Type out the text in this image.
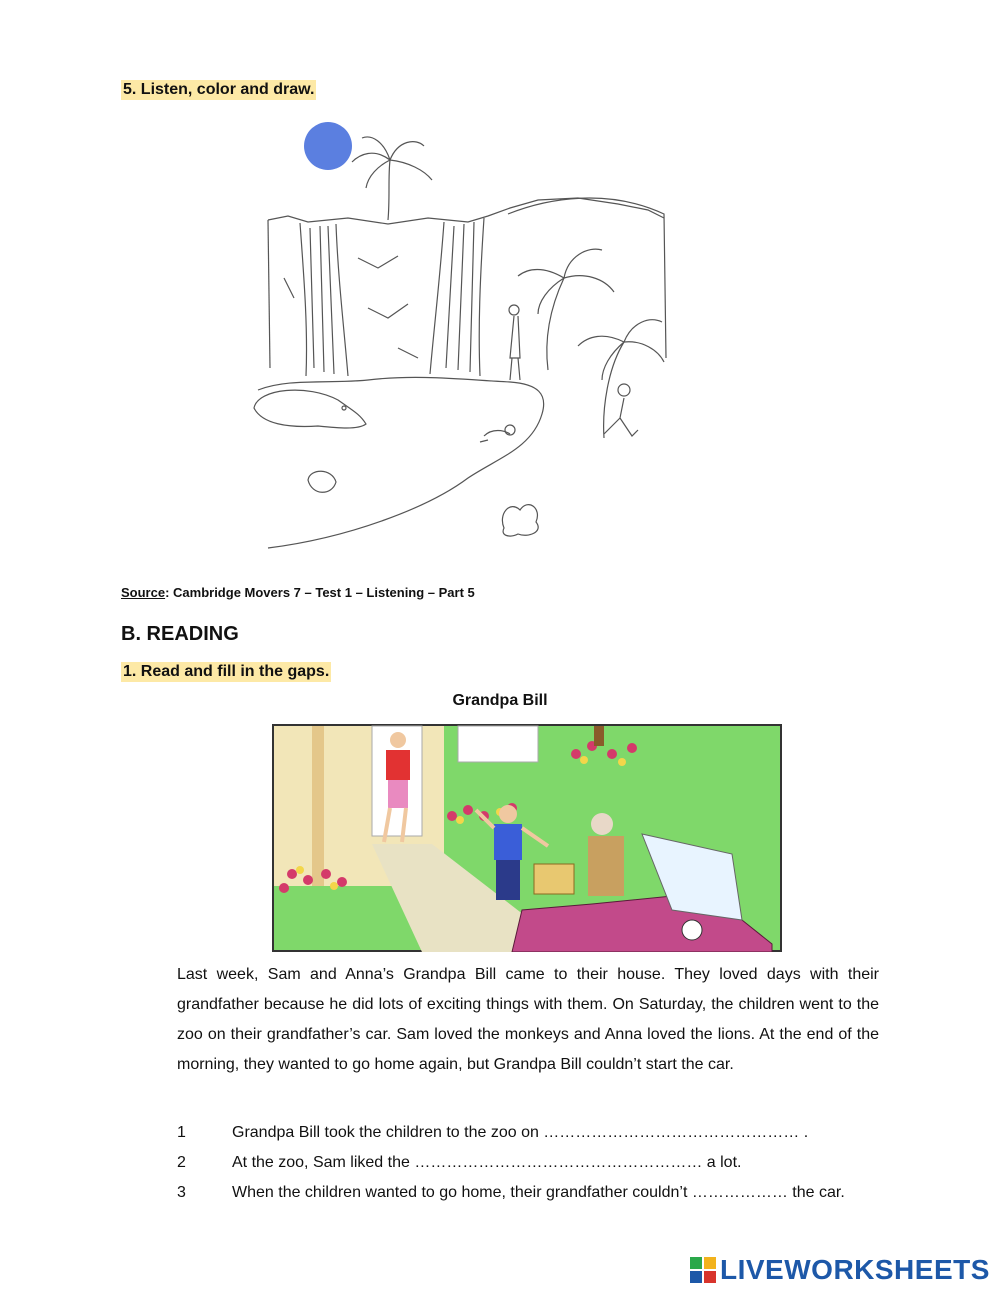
5. Listen, color and draw.
Source: Cambridge Movers 7 – Test 1 – Listening – Part 5
B. READING
1. Read and fill in the gaps.
Grandpa Bill
Last week, Sam and Anna’s Grandpa Bill came to their house. They loved days with their grandfather because he did lots of exciting things with them. On Saturday, the children went to the zoo on their grandfather’s car. Sam loved the monkeys and Anna loved the lions. At the end of the morning, they wanted to go home again, but Grandpa Bill couldn’t start the car.
1	Grandpa Bill took the children to the zoo on ………………………………………… .
2	At the zoo, Sam liked the ……………………………………………… a lot.
3	When the children wanted to go home, their grandfather couldn’t ……………… the car.
LIVEWORKSHEETS
